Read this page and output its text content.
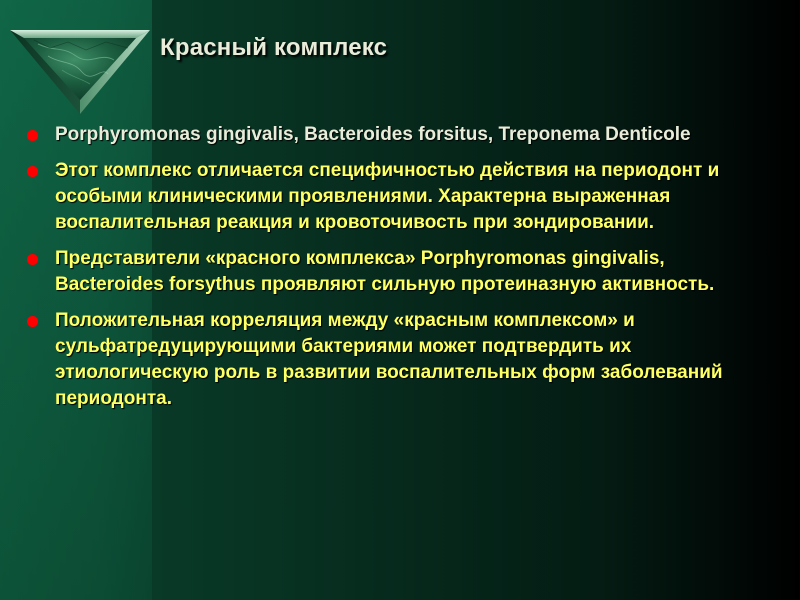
Красный комплекс
Porphyromonas gingivalis, Bacteroides forsitus, Treponema Denticole
Этот комплекс отличается специфичностью действия на периодонт и особыми клиническими проявлениями. Характерна выраженная воспалительная реакция и кровоточивость при зондировании.
Представители «красного комплекса» Porphyromonas gingivalis, Bacteroides forsythus проявляют сильную протеиназную активность.
Положительная корреляция между «красным комплексом» и сульфатредуцирующими бактериями может подтвердить их этиологическую роль в развитии воспалительных форм заболеваний периодонта.
